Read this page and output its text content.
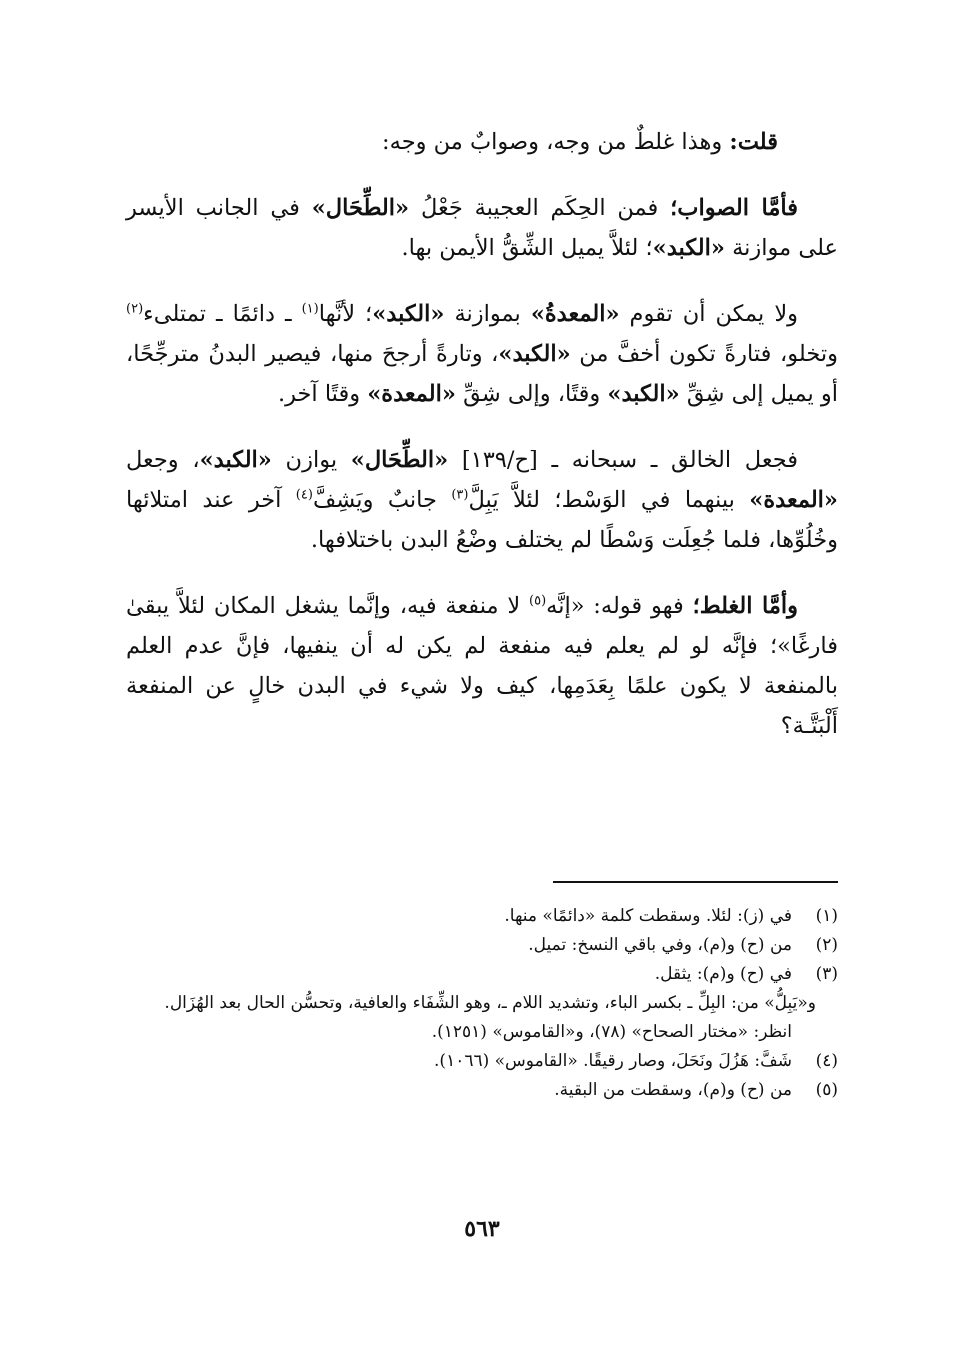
قلت: وهذا غلطٌ من وجه، وصوابٌ من وجه:

فأمَّا الصواب؛ فمن الحِكَم العجيبة جَعْلُ «الطِّحَال» في الجانب الأيسر على موازنة «الكبد»؛ لئلاَّ يميل الشِّقُّ الأيمن بها.

ولا يمكن أن تقوم «المعدةُ» بموازنة «الكبد»؛ لأنَّها$^{(١)}$ ـ دائمًا ـ تمتلىء$^{(٢)}$ وتخلو، فتارةً تكون أخفَّ من «الكبد»، وتارةً أرجحَ منها، فيصير البدنُ مترجِّحًا، أو يميل إلى شِقِّ «الكبد» وقتًا، وإلى شِقِّ «المعدة» وقتًا آخر.

فجعل الخالق ـ سبحانه ـ [ح/١٣٩] «الطِّحَال» يوازن «الكبد»، وجعل «المعدة» بينهما في الوَسْط؛ لئلاَّ يَبِلَّ$^{(٣)}$ جانبٌ ويَشِفَّ$^{(٤)}$ آخر عند امتلائها وخُلُوِّها، فلما جُعِلَت وَسْطًا لم يختلف وضْعُ البدن باختلافها.

وأمَّا الغلط؛ فهو قوله: «إنَّه$^{(٥)}$ لا منفعة فيه، وإنَّما يشغل المكان لئلاَّ يبقىٰ فارغًا»؛ فإنَّه لو لم يعلم فيه منفعة لم يكن له أن ينفيها، فإنَّ عدم العلم بالمنفعة لا يكون علمًا بِعَدَمِها، كيف ولا شيء في البدن خالٍ عن المنفعة أَلْبَتَّـة؟

(١)
في (ز): لئلا. وسقطت كلمة «دائمًا» منها.
(٢)
من (ح) و(م)، وفي باقي النسخ: تميل.
(٣)
في (ح) و(م): يثقل.
و«يَبِلُّ» من: البِلِّ ـ بكسر الباء، وتشديد اللام ـ، وهو الشِّفَاء والعافية، وتحسُّن الحال بعد الهُزَال.
انظر: «مختار الصحاح» (٧٨)، و«القاموس» (١٢٥١).
(٤)
شَفَّ: هَزُلَ ونَحَلَ، وصار رقيقًا. «القاموس» (١٠٦٦).
(٥)
من (ح) و(م)، وسقطت من البقية.
٥٦٣
